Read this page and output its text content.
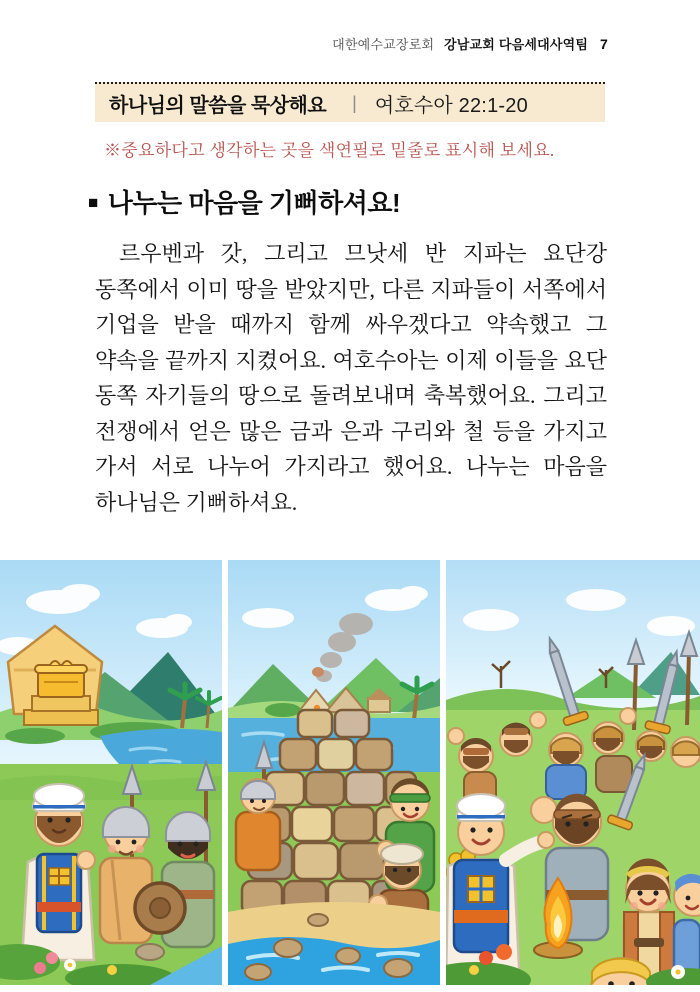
대한예수교장로회 강남교회 다음세대사역팀 7
하나님의 말씀을 묵상해요 | 여호수아 22:1-20
※중요하다고 생각하는 곳을 색연필로 밑줄로 표시해 보세요.
■ 나누는 마음을 기뻐하셔요!
르우벤과 갓, 그리고 므낫세 반 지파는 요단강 동쪽에서 이미 땅을 받았지만, 다른 지파들이 서쪽에서 기업을 받을 때까지 함께 싸우겠다고 약속했고 그 약속을 끝까지 지켰어요. 여호수아는 이제 이들을 요단 동쪽 자기들의 땅으로 돌려보내며 축복했어요. 그리고 전쟁에서 얻은 많은 금과 은과 구리와 철 등을 가지고 가서 서로 나누어 가지라고 했어요. 나누는 마음을 하나님은 기뻐하셔요.
